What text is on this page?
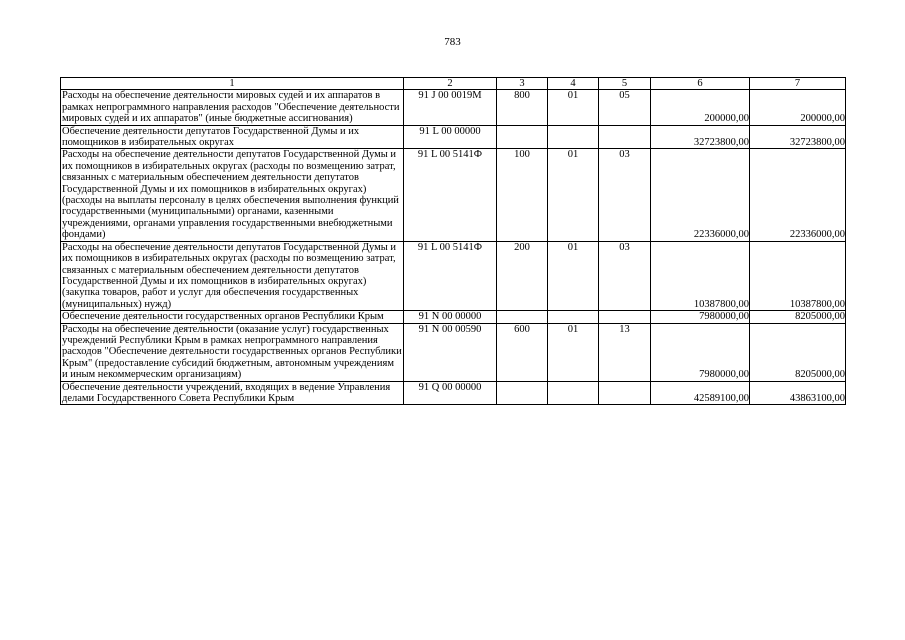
783
1	2	3	4	5	6	7
Расходы на обеспечение деятельности мировых судей и их аппаратов в рамках непрограммного направления расходов "Обеспечение деятельности мировых судей и их аппаратов" (иные бюджетные ассигнования)	91 J 00 0019M	800	01	05	200000,00	200000,00
Обеспечение деятельности депутатов Государственной Думы и их помощников в избирательных округах	91 L 00 00000				32723800,00	32723800,00
Расходы на обеспечение деятельности депутатов Государственной Думы и их помощников в избирательных округах (расходы по возмещению затрат, связанных с материальным обеспечением деятельности депутатов Государственной Думы и их помощников в избирательных округах) (расходы на выплаты персоналу в целях обеспечения выполнения функций государственными (муниципальными) органами, казенными учреждениями, органами управления государственными внебюджетными фондами)	91 L 00 5141Ф	100	01	03	22336000,00	22336000,00
Расходы на обеспечение деятельности депутатов Государственной Думы и их помощников в избирательных округах (расходы по возмещению затрат, связанных с материальным обеспечением деятельности депутатов Государственной Думы и их помощников в избирательных округах) (закупка товаров, работ и услуг для обеспечения государственных (муниципальных) нужд)	91 L 00 5141Ф	200	01	03	10387800,00	10387800,00
Обеспечение деятельности государственных органов Республики Крым	91 N 00 00000				7980000,00	8205000,00
Расходы на обеспечение деятельности (оказание услуг) государственных учреждений Республики Крым в рамках непрограммного направления расходов "Обеспечение деятельности государственных органов Республики Крым" (предоставление субсидий бюджетным, автономным учреждениям и иным некоммерческим организациям)	91 N 00 00590	600	01	13	7980000,00	8205000,00
Обеспечение деятельности учреждений, входящих в ведение Управления делами Государственного Совета Республики Крым	91 Q 00 00000				42589100,00	43863100,00
